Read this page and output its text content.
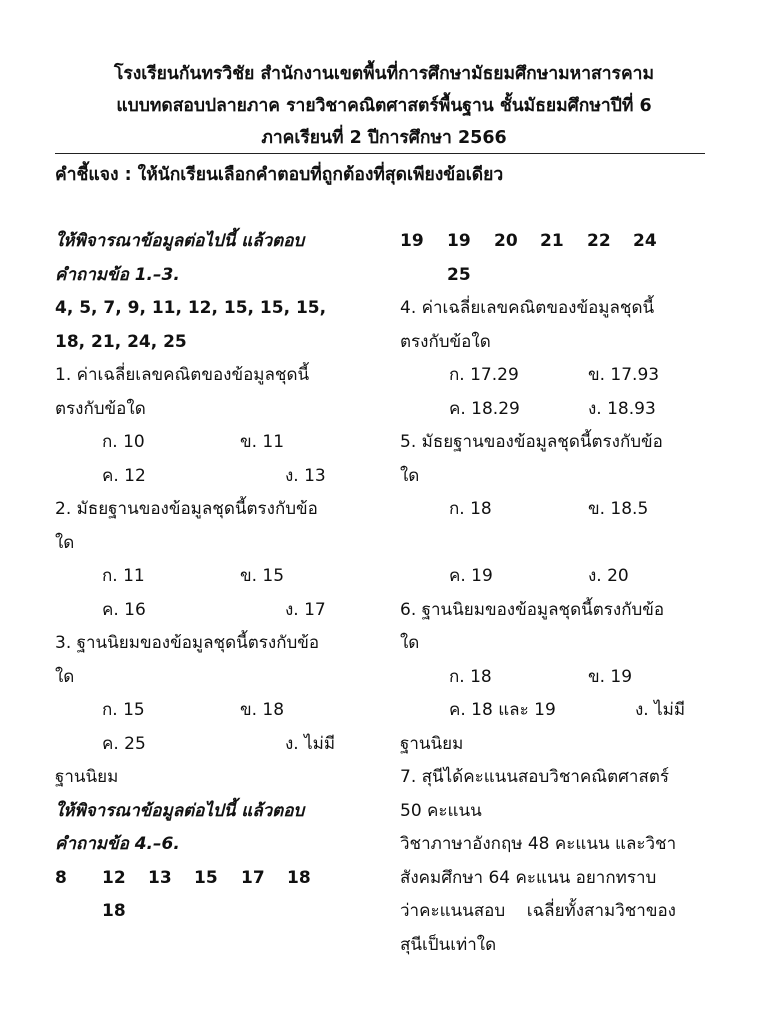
โรงเรียนกันทรวิชัย สำนักงานเขตพื้นที่การศึกษามัธยมศึกษามหาสารคาม
แบบทดสอบปลายภาค รายวิชาคณิตศาสตร์พื้นฐาน ชั้นมัธยมศึกษาปีที่ 6
ภาคเรียนที่ 2 ปีการศึกษา 2566
คำชี้แจง : ให้นักเรียนเลือกคำตอบที่ถูกต้องที่สุดเพียงข้อเดียว
ให้พิจารณาข้อมูลต่อไปนี้ แล้วตอบ
คำถามข้อ 1.–3.
4, 5, 7, 9, 11, 12, 15, 15, 15,
18, 21, 24, 25
1. ค่าเฉลี่ยเลขคณิตของข้อมูลชุดนี้
ตรงกับข้อใด
ก. 10	ข. 11
ค. 12	ง. 13
2. มัธยฐานของข้อมูลชุดนี้ตรงกับข้อ
ใด
ก. 11	ข. 15
ค. 16	ง. 17
3. ฐานนิยมของข้อมูลชุดนี้ตรงกับข้อ
ใด
ก. 15	ข. 18
ค. 25	ง. ไม่มี
ฐานนิยม
ให้พิจารณาข้อมูลต่อไปนี้ แล้วตอบ
คำถามข้อ 4.–6.
8 12 13 15 17 18
18
19 19 20 21 22 24
25
4. ค่าเฉลี่ยเลขคณิตของข้อมูลชุดนี้
ตรงกับข้อใด
ก. 17.29	ข. 17.93
ค. 18.29	ง. 18.93
5. มัธยฐานของข้อมูลชุดนี้ตรงกับข้อ
ใด
ก. 18	ข. 18.5
ค. 19	ง. 20
6. ฐานนิยมของข้อมูลชุดนี้ตรงกับข้อ
ใด
ก. 18	ข. 19
ค. 18 และ 19	ง. ไม่มี
ฐานนิยม
7. สุนีได้คะแนนสอบวิชาคณิตศาสตร์
50 คะแนน
วิชาภาษาอังกฤษ 48 คะแนน และวิชา
สังคมศึกษา 64 คะแนน อยากทราบ
ว่าคะแนนสอบ    เฉลี่ยทั้งสามวิชาของ
สุนีเป็นเท่าใด
